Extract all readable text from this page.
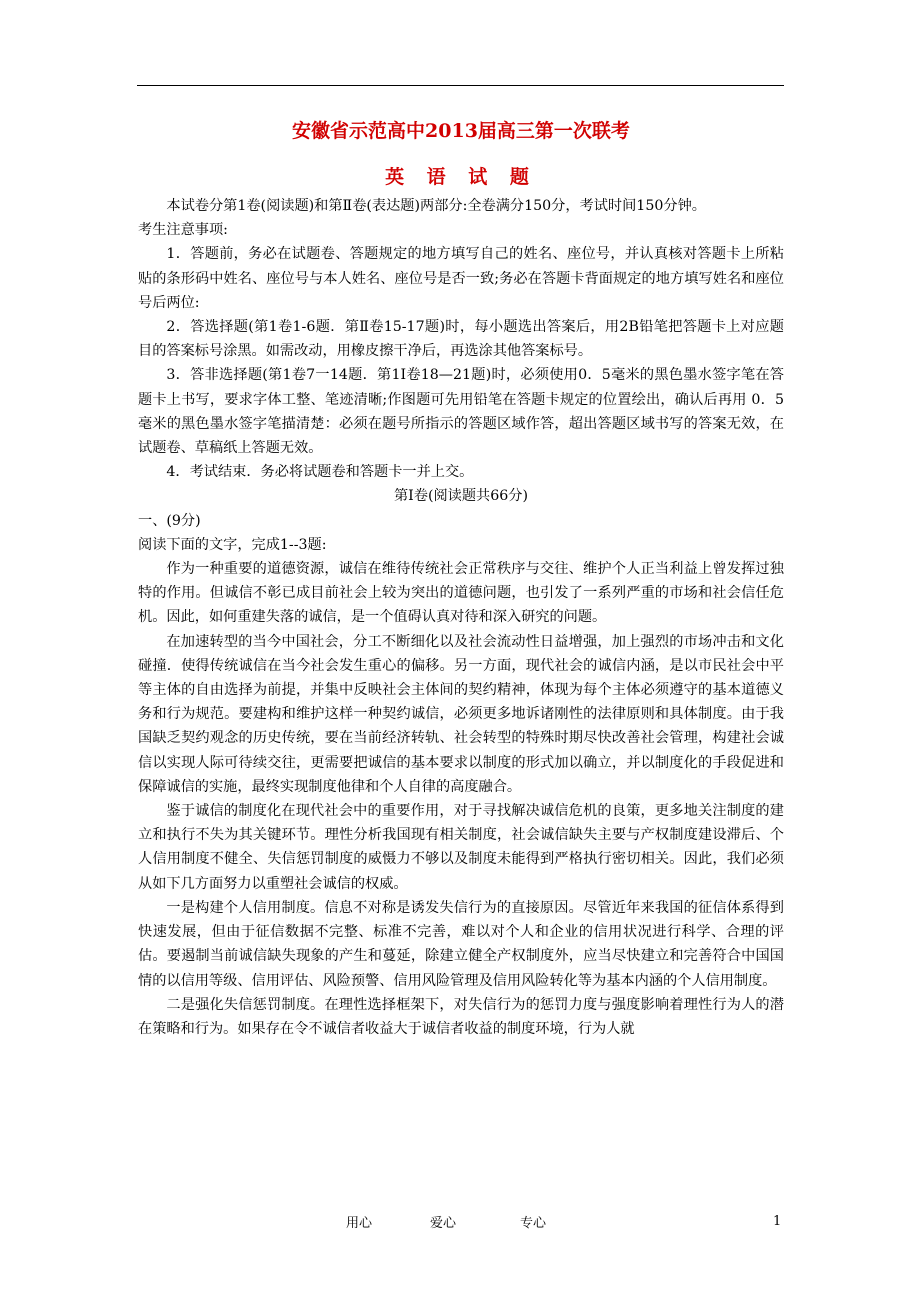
安徽省示范高中2013届高三第一次联考
英 语 试 题

本试卷分第1卷(阅读题)和第Ⅱ卷(表达题)两部分:全卷满分150分，考试时间150分钟。

考生注意事项:

1．答题前，务必在试题卷、答题规定的地方填写自己的姓名、座位号，并认真核对答题卡上所粘贴的条形码中姓名、座位号与本人姓名、座位号是否一致;务必在答题卡背面规定的地方填写姓名和座位号后两位:

2．答选择题(第1卷1-6题．第Ⅱ卷15-17题)时，每小题选出答案后，用2B铅笔把答题卡上对应题目的答案标号涂黑。如需改动，用橡皮擦干净后，再选涂其他答案标号。

3．答非选择题(第1卷7一14题．第1I卷18—21题)时，必须使用0．5毫米的黑色墨水签字笔在答题卡上书写，要求字体工整、笔迹清晰;作图题可先用铅笔在答题卡规定的位置绘出，确认后再用 0．5毫米的黑色墨水签字笔描清楚：必须在题号所指示的答题区域作答，超出答题区域书写的答案无效，在试题卷、草稿纸上答题无效。

4．考试结束．务必将试题卷和答题卡一并上交。

第Ⅰ卷(阅读题共66分)

一、(9分)

阅读下面的文字，完成1--3题:

作为一种重要的道德资源，诚信在维待传统社会正常秩序与交往、维护个人正当利益上曾发挥过独特的作用。但诚信不彰已成目前社会上较为突出的道德问题，也引发了一系列严重的市场和社会信任危机。因此，如何重建失落的诚信，是一个值碍认真对待和深入研究的问题。

在加速转型的当今中国社会，分工不断细化以及社会流动性日益增强，加上强烈的市场冲击和文化碰撞．使得传统诚信在当今社会发生重心的偏移。另一方面，现代社会的诚信内涵，是以市民社会中平等主体的自由选择为前提，并集中反映社会主体间的契约精神，体现为每个主体必须遵守的基本道德义务和行为规范。要建构和维护这样一种契约诚信，必须更多地诉诸刚性的法律原则和具体制度。由于我国缺乏契约观念的历史传统，要在当前经济转轨、社会转型的特殊时期尽快改善社会管理，构建社会诚信以实现人际可待续交往，更需要把诚信的基本要求以制度的形式加以确立，并以制度化的手段促进和保障诚信的实施，最终实现制度他律和个人自律的高度融合。

鉴于诚信的制度化在现代社会中的重要作用，对于寻找解决诚信危机的良策，更多地关注制度的建立和执行不失为其关键环节。理性分析我国现有相关制度，社会诚信缺失主要与产权制度建设滞后、个人信用制度不健全、失信惩罚制度的威慑力不够以及制度未能得到严格执行密切相关。因此，我们必须从如下几方面努力以重塑社会诚信的权威。

一是构建个人信用制度。信息不对称是诱发失信行为的直接原因。尽管近年来我国的征信体系得到快速发展，但由于征信数据不完整、标准不完善，难以对个人和企业的信用状况进行科学、合理的评估。要遏制当前诚信缺失现象的产生和蔓延，除建立健全产权制度外，应当尽快建立和完善符合中国国情的以信用等级、信用评估、风险预警、信用风险管理及信用风险转化等为基本内涵的个人信用制度。

二是强化失信惩罚制度。在理性选择框架下，对失信行为的惩罚力度与强度影响着理性行为人的潜在策略和行为。如果存在令不诚信者收益大于诚信者收益的制度环境，行为人就

用心	爱心	专心	1
